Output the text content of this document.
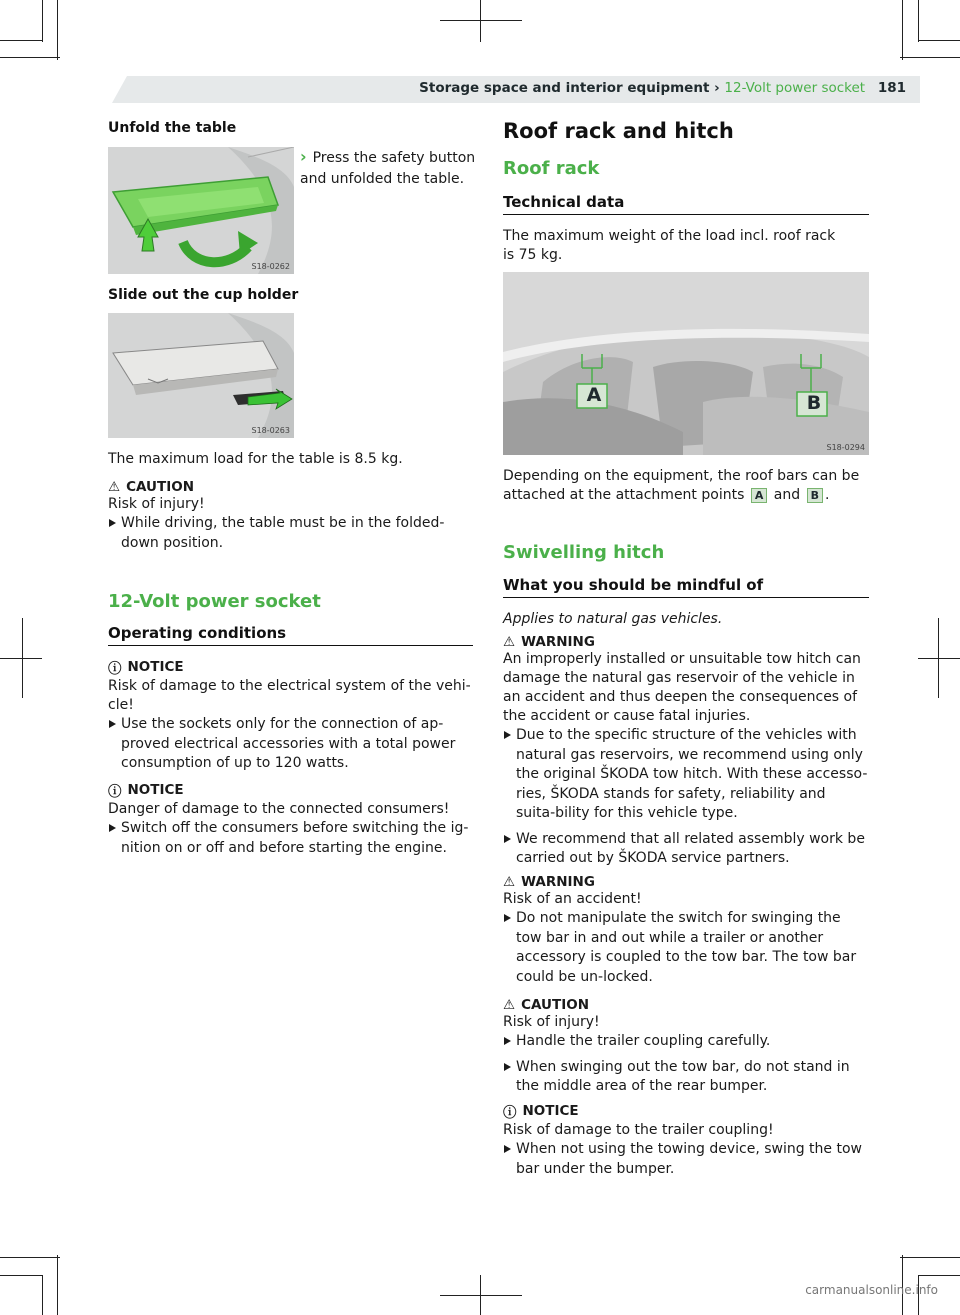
Storage space and interior equipment › 12-Volt power socket 181
Unfold the table
S18-0262
› Press the safety button and unfolded the table.
Slide out the cup holder
S18-0263
The maximum load for the table is 8.5 kg.
⚠ CAUTION
Risk of injury!
While driving, the table must be in the folded-down position.
12-Volt power socket
Operating conditions
ⓘ NOTICE
Risk of damage to the electrical system of the vehi-cle!
Use the sockets only for the connection of ap-proved electrical accessories with a total power consumption of up to 120 watts.
ⓘ NOTICE
Danger of damage to the connected consumers!
Switch off the consumers before switching the ig-nition on or off and before starting the engine.
Roof rack and hitch
Roof rack
Technical data
The maximum weight of the load incl. roof rack is 75 kg.
A	B
S18-0294
Depending on the equipment, the roof bars can be attached at the attachment points A and B .
Swivelling hitch
What you should be mindful of
Applies to natural gas vehicles.
⚠ WARNING
An improperly installed or unsuitable tow hitch can damage the natural gas reservoir of the vehicle in an accident and thus deepen the consequences of the accident or cause fatal injuries.
Due to the specific structure of the vehicles with natural gas reservoirs, we recommend using only the original ŠKODA tow hitch. With these accesso-ries, ŠKODA stands for safety, reliability and suita-bility for this vehicle type.
We recommend that all related assembly work be carried out by ŠKODA service partners.
⚠ WARNING
Risk of an accident!
Do not manipulate the switch for swinging the tow bar in and out while a trailer or another accessory is coupled to the tow bar. The tow bar could be un-locked.
⚠ CAUTION
Risk of injury!
Handle the trailer coupling carefully.
When swinging out the tow bar, do not stand in the middle area of the rear bumper.
ⓘ NOTICE
Risk of damage to the trailer coupling!
When not using the towing device, swing the tow bar under the bumper.
carmanualsonline.info
